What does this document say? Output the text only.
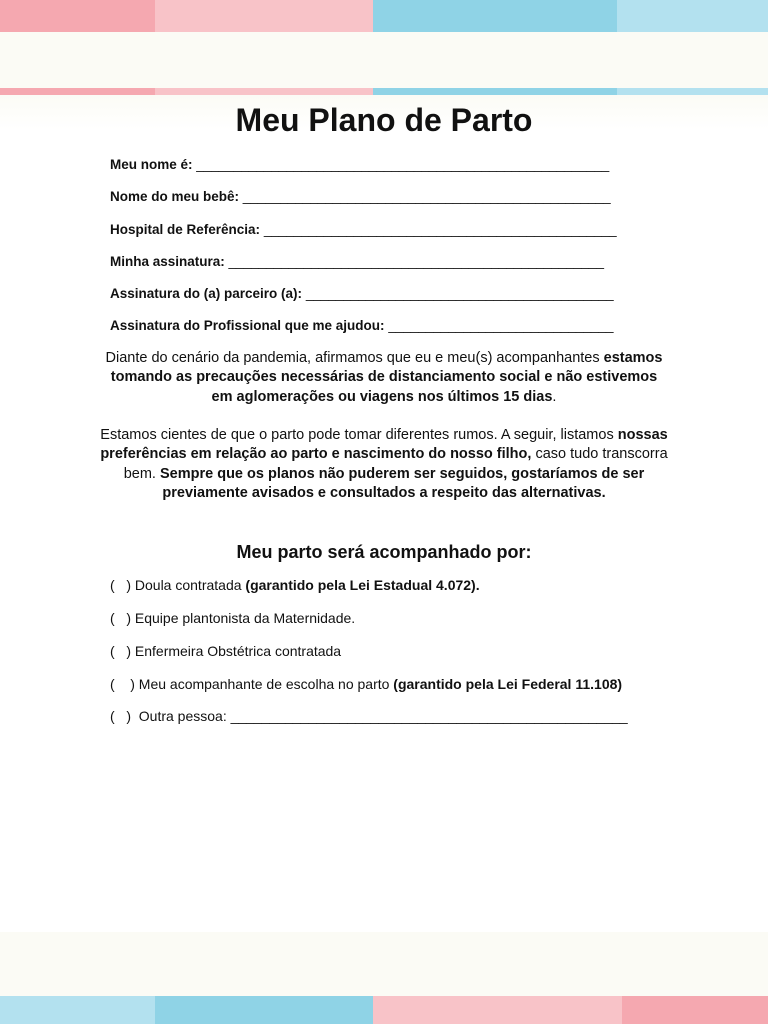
Meu Plano de Parto
Meu nome é: _______________________________________________________
Nome do meu bebê: _________________________________________________
Hospital de Referência: _______________________________________________
Minha assinatura: __________________________________________________
Assinatura do (a) parceiro (a): _________________________________________
Assinatura do Profissional que me ajudou: ______________________________
Diante do cenário da pandemia, afirmamos que eu e meu(s) acompanhantes estamos tomando as precauções necessárias de distanciamento social e não estivemos em aglomerações ou viagens nos últimos 15 dias.
Estamos cientes de que o parto pode tomar diferentes rumos. A seguir, listamos nossas preferências em relação ao parto e nascimento do nosso filho, caso tudo transcorra bem. Sempre que os planos não puderem ser seguidos, gostaríamos de ser previamente avisados e consultados a respeito das alternativas.
Meu parto será acompanhado por:
(   ) Doula contratada (garantido pela Lei Estadual 4.072).
(   ) Equipe plantonista da Maternidade.
(   ) Enfermeira Obstétrica contratada
(    ) Meu acompanhante de escolha no parto (garantido pela Lei Federal 11.108)
(   )  Outra pessoa: ___________________________________________________
